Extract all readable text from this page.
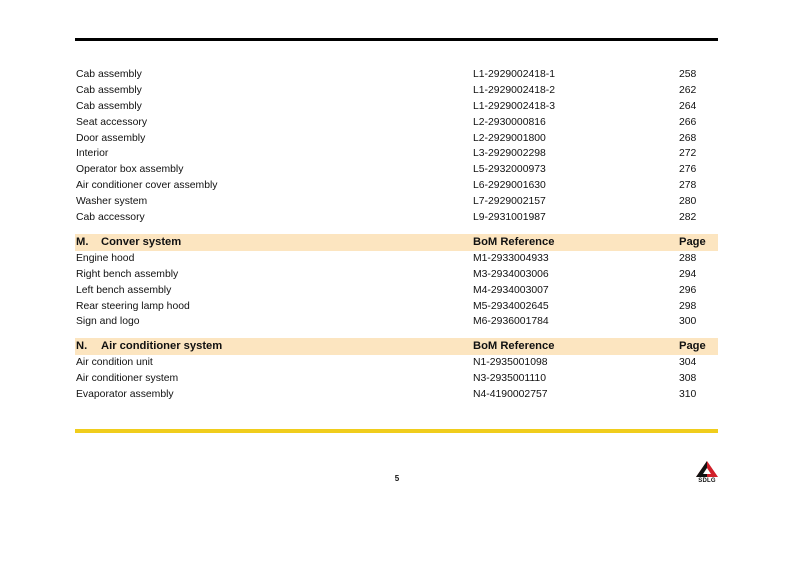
Cab assembly	L1-2929002418-1	258
Cab assembly	L1-2929002418-2	262
Cab assembly	L1-2929002418-3	264
Seat accessory	L2-2930000816	266
Door assembly	L2-2929001800	268
Interior	L3-2929002298	272
Operator box assembly	L5-2932000973	276
Air conditioner cover assembly	L6-2929001630	278
Washer system	L7-2929002157	280
Cab accessory	L9-2931001987	282
M. Conver system	BoM Reference	Page
Engine hood	M1-2933004933	288
Right bench assembly	M3-2934003006	294
Left bench assembly	M4-2934003007	296
Rear steering lamp hood	M5-2934002645	298
Sign and logo	M6-2936001784	300
N. Air conditioner system	BoM Reference	Page
Air condition unit	N1-2935001098	304
Air conditioner system	N3-2935001110	308
Evaporator assembly	N4-4190002757	310
5	SDLG
